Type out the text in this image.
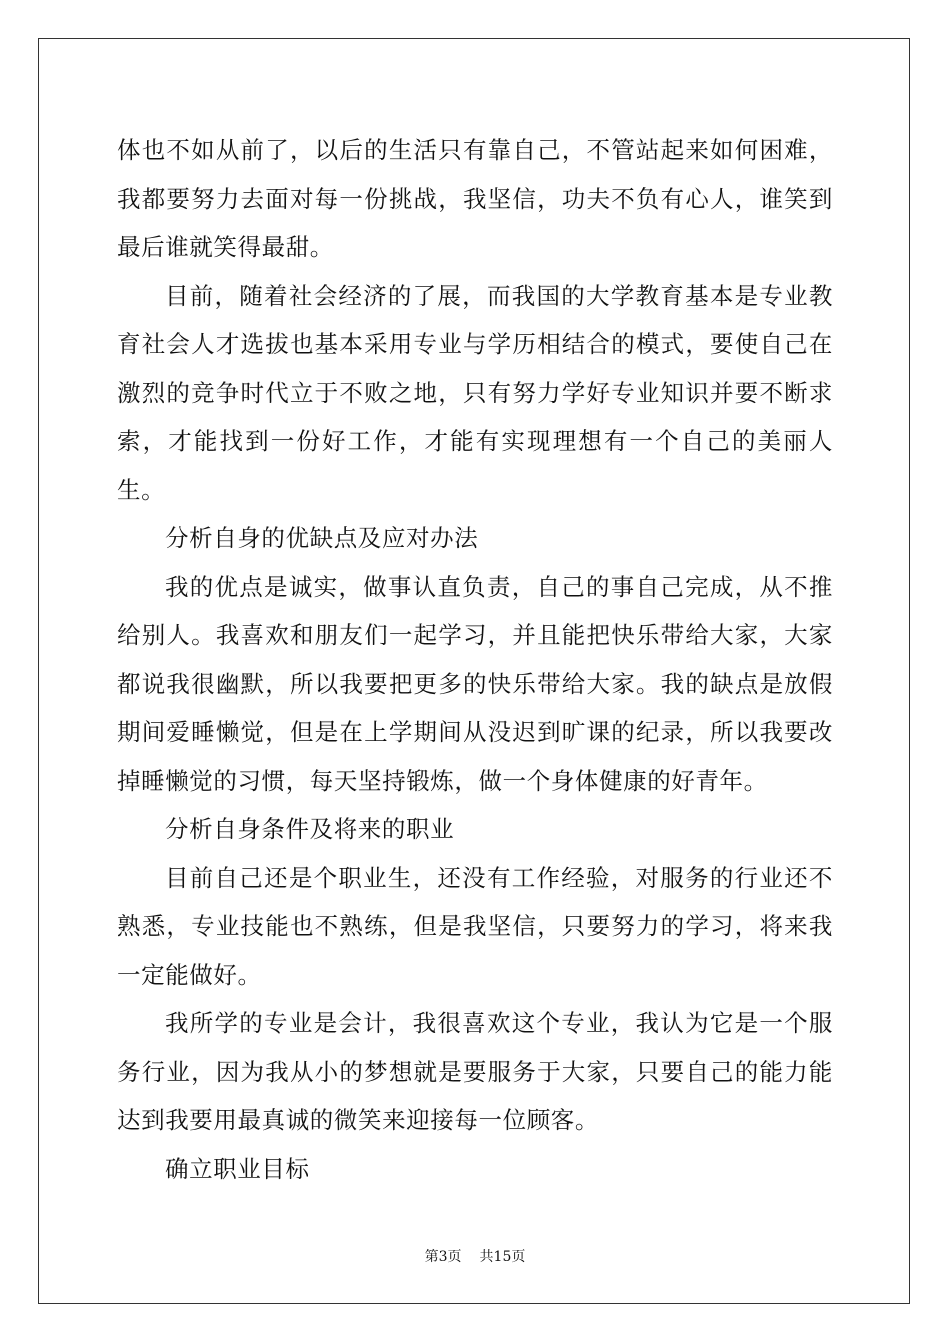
体也不如从前了，以后的生活只有靠自己，不管站起来如何困难，我都要努力去面对每一份挑战，我坚信，功夫不负有心人，谁笑到最后谁就笑得最甜。

目前，随着社会经济的了展，而我国的大学教育基本是专业教育社会人才选拔也基本采用专业与学历相结合的模式，要使自己在激烈的竞争时代立于不败之地，只有努力学好专业知识并要不断求索，才能找到一份好工作，才能有实现理想有一个自己的美丽人生。

分析自身的优缺点及应对办法

我的优点是诚实，做事认直负责，自己的事自己完成，从不推给别人。我喜欢和朋友们一起学习，并且能把快乐带给大家，大家都说我很幽默，所以我要把更多的快乐带给大家。我的缺点是放假期间爱睡懒觉，但是在上学期间从没迟到旷课的纪录，所以我要改掉睡懒觉的习惯，每天坚持锻炼，做一个身体健康的好青年。

分析自身条件及将来的职业

目前自己还是个职业生，还没有工作经验，对服务的行业还不熟悉，专业技能也不熟练，但是我坚信，只要努力的学习，将来我一定能做好。

我所学的专业是会计，我很喜欢这个专业，我认为它是一个服务行业，因为我从小的梦想就是要服务于大家，只要自己的能力能达到我要用最真诚的微笑来迎接每一位顾客。

确立职业目标

第3页 共15页
